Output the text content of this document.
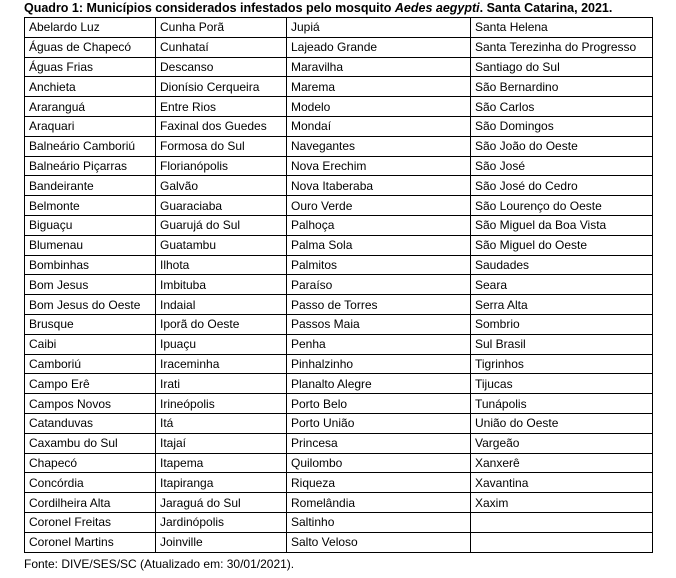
Quadro 1: Municípios considerados infestados pelo mosquito Aedes aegypti. Santa Catarina, 2021.
Abelardo Luz	Cunha Porã	Jupiá	Santa Helena
Águas de Chapecó	Cunhataí	Lajeado Grande	Santa Terezinha do Progresso
Águas Frias	Descanso	Maravilha	Santiago do Sul
Anchieta	Dionísio Cerqueira	Marema	São Bernardino
Araranguá	Entre Rios	Modelo	São Carlos
Araquari	Faxinal dos Guedes	Mondaí	São Domingos
Balneário Camboriú	Formosa do Sul	Navegantes	São João do Oeste
Balneário Piçarras	Florianópolis	Nova Erechim	São José
Bandeirante	Galvão	Nova Itaberaba	São José do Cedro
Belmonte	Guaraciaba	Ouro Verde	São Lourenço do Oeste
Biguaçu	Guarujá do Sul	Palhoça	São Miguel da Boa Vista
Blumenau	Guatambu	Palma Sola	São Miguel do Oeste
Bombinhas	Ilhota	Palmitos	Saudades
Bom Jesus	Imbituba	Paraíso	Seara
Bom Jesus do Oeste	Indaial	Passo de Torres	Serra Alta
Brusque	Iporã do Oeste	Passos Maia	Sombrio
Caibi	Ipuaçu	Penha	Sul Brasil
Camboriú	Iraceminha	Pinhalzinho	Tigrinhos
Campo Erê	Irati	Planalto Alegre	Tijucas
Campos Novos	Irineópolis	Porto Belo	Tunápolis
Catanduvas	Itá	Porto União	União do Oeste
Caxambu do Sul	Itajaí	Princesa	Vargeão
Chapecó	Itapema	Quilombo	Xanxerê
Concórdia	Itapiranga	Riqueza	Xavantina
Cordilheira Alta	Jaraguá do Sul	Romelândia	Xaxim
Coronel Freitas	Jardinópolis	Saltinho	
Coronel Martins	Joinville	Salto Veloso	
Fonte: DIVE/SES/SC (Atualizado em: 30/01/2021).
